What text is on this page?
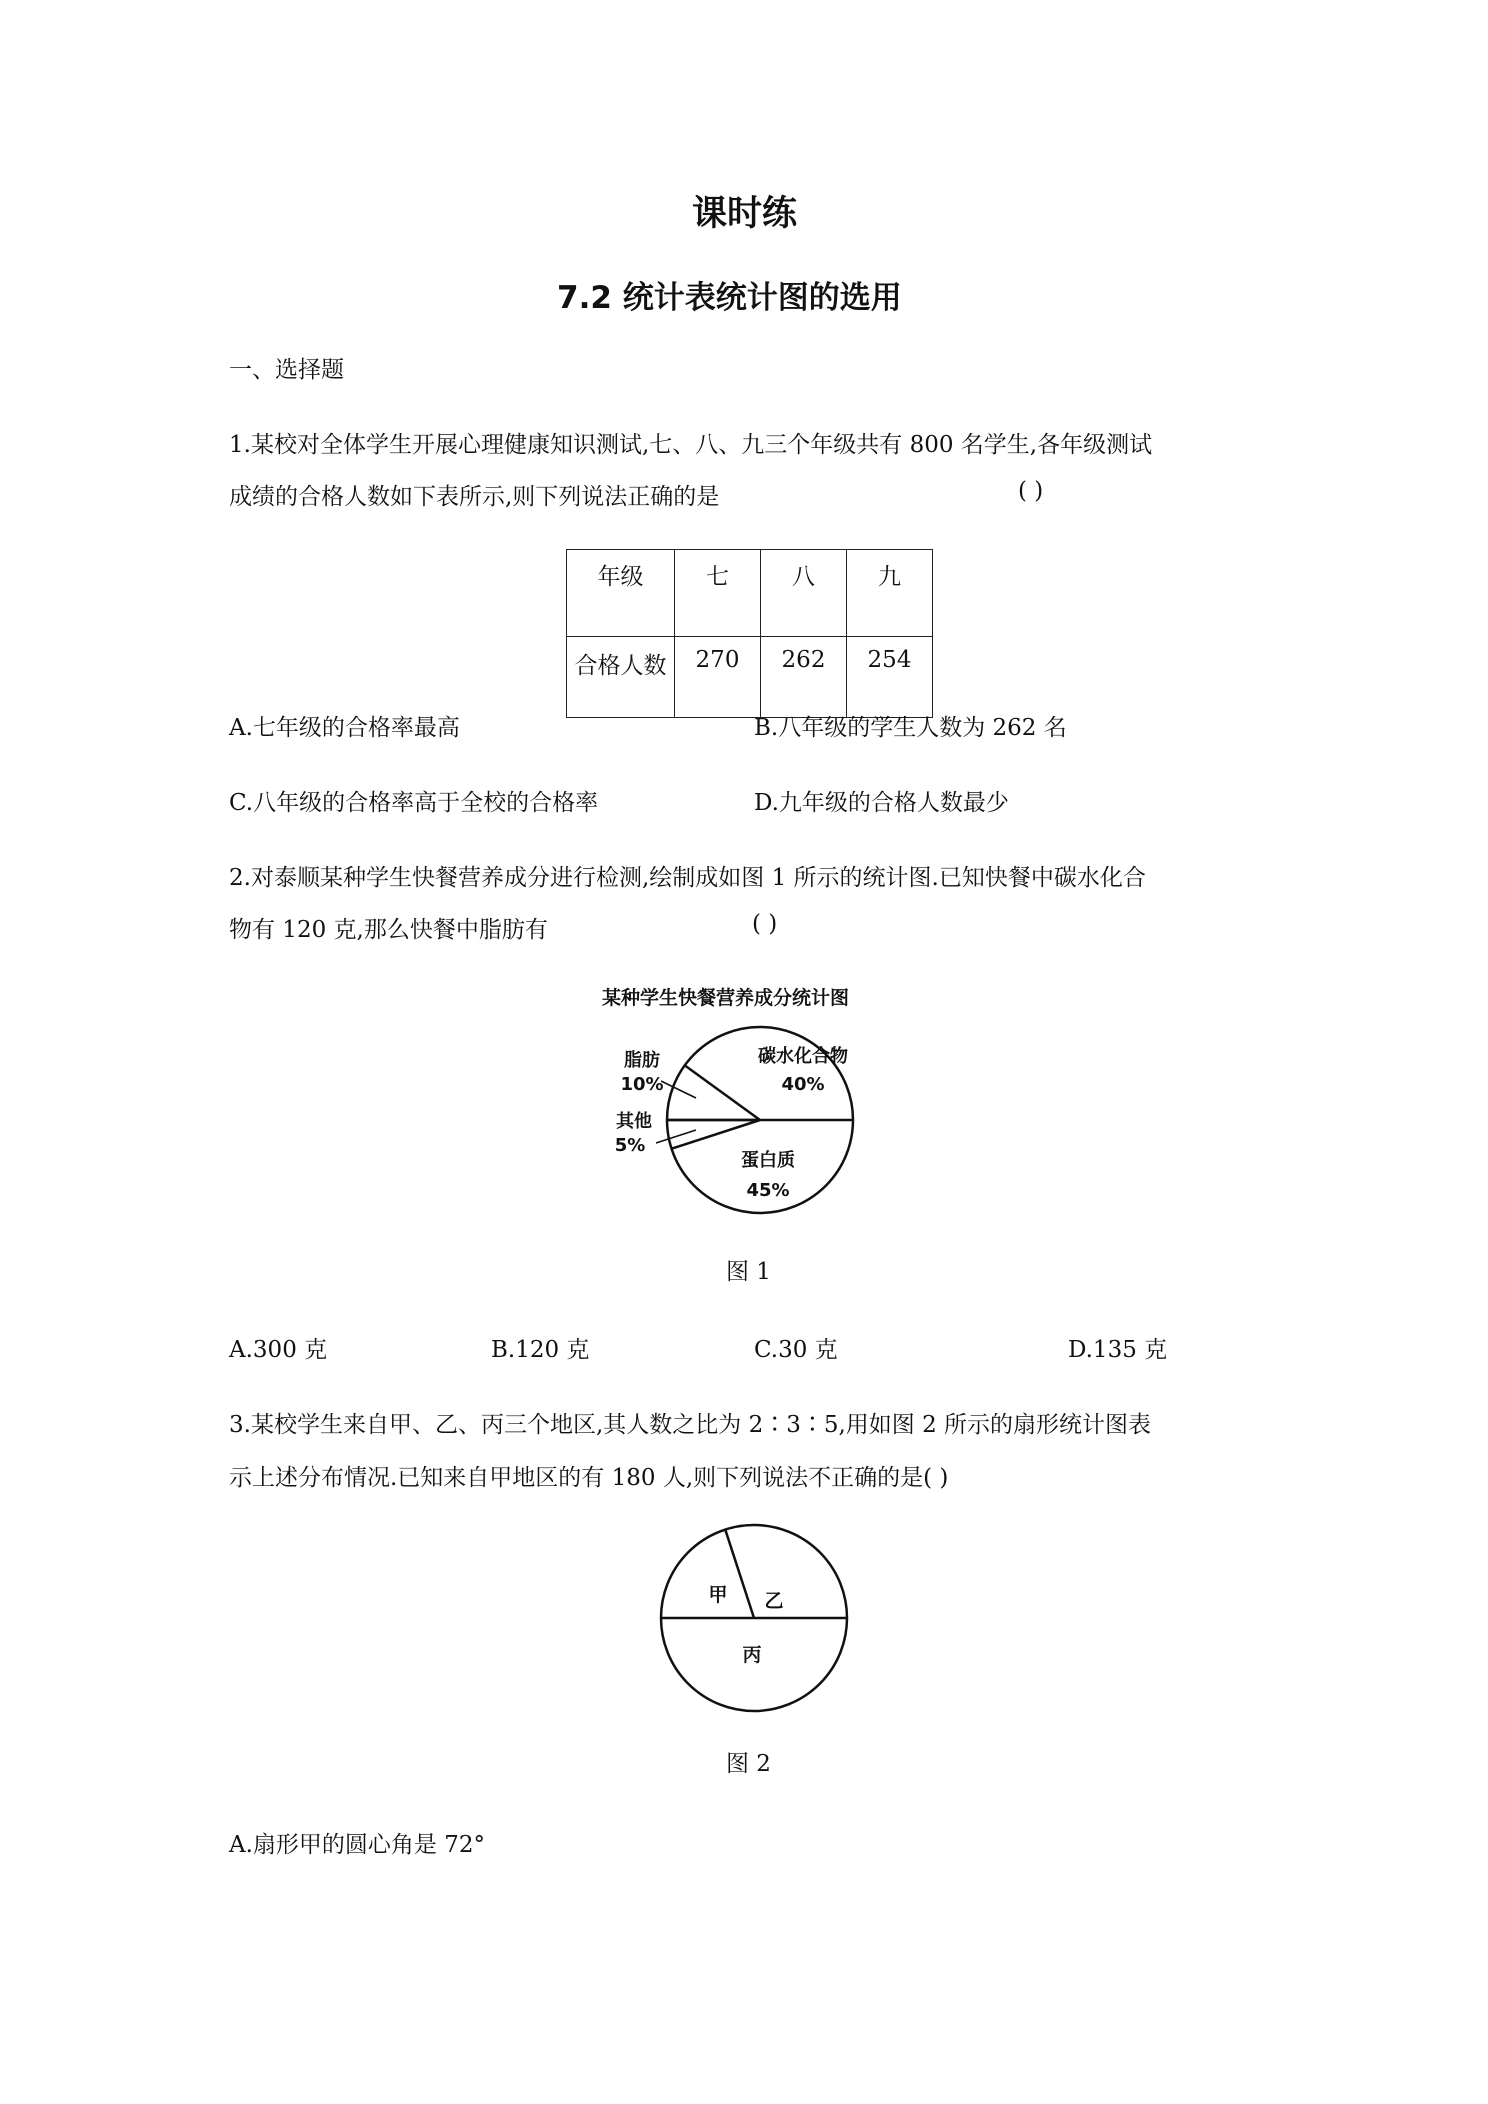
课时练
7.2 统计表统计图的选用
一、选择题
1.某校对全体学生开展心理健康知识测试,七、八、九三个年级共有 800 名学生,各年级测试
成绩的合格人数如下表所示,则下列说法正确的是	( )
年级	七	八	九
合格人数	270	262	254
A.七年级的合格率最高	B.八年级的学生人数为 262 名
C.八年级的合格率高于全校的合格率	D.九年级的合格人数最少
2.对泰顺某种学生快餐营养成分进行检测,绘制成如图 1 所示的统计图.已知快餐中碳水化合
物有 120 克,那么快餐中脂肪有	( )
某种学生快餐营养成分统计图
碳水化合物
40%
脂肪
10%
其他
5%
蛋白质
45%
图 1
A.300 克	B.120 克	C.30 克	D.135 克
3.某校学生来自甲、乙、丙三个地区,其人数之比为 2∶3∶5,用如图 2 所示的扇形统计图表
示上述分布情况.已知来自甲地区的有 180 人,则下列说法不正确的是( )
甲 乙
丙
图 2
A.扇形甲的圆心角是 72°
